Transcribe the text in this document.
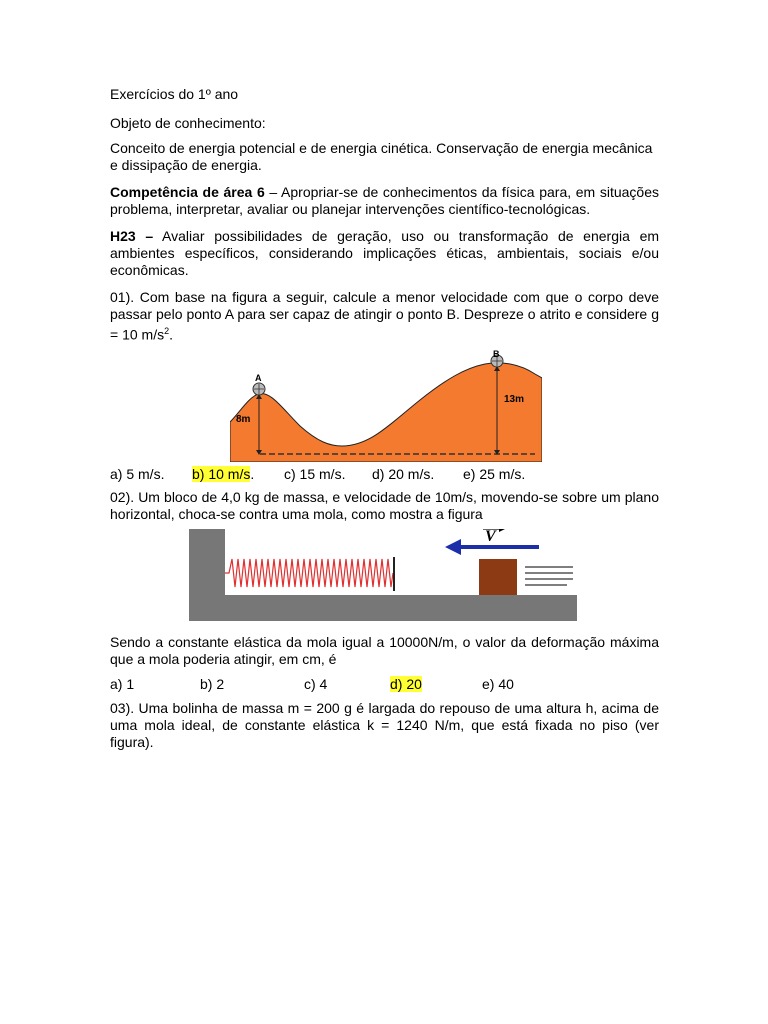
Exercícios do 1º ano

Objeto de conhecimento:

Conceito de energia potencial e de energia cinética. Conservação de energia mecânica e dissipação de energia.

Competência de área 6 – Apropriar-se de conhecimentos da física para, em situações problema, interpretar, avaliar ou planejar intervenções científico-tecnológicas.

H23 – Avaliar possibilidades de geração, uso ou transformação de energia em ambientes específicos, considerando implicações éticas, ambientais, sociais e/ou econômicas.

01). Com base na figura a seguir, calcule a menor velocidade com que o corpo deve passar pelo ponto A para ser capaz de atingir o ponto B. Despreze o atrito e considere g = 10 $m/s^2$.

A
8m
B
13m
a) 5 m/s.	b) 10 m/s.	c) 15 m/s.	d) 20 m/s.	e) 25 m/s.

02). Um bloco de 4,0 kg de massa, e velocidade de 10m/s, movendo-se sobre um plano horizontal, choca-se contra uma mola, como mostra a figura

V

Sendo a constante elástica da mola igual a 10000N/m, o valor da deformação máxima que a mola poderia atingir, em cm, é

a) 1	b) 2	c) 4	d) 20	e) 40

03). Uma bolinha de massa m = 200 g é largada do repouso de uma altura h, acima de uma mola ideal, de constante elástica k = 1240 N/m, que está fixada no piso (ver figura).
